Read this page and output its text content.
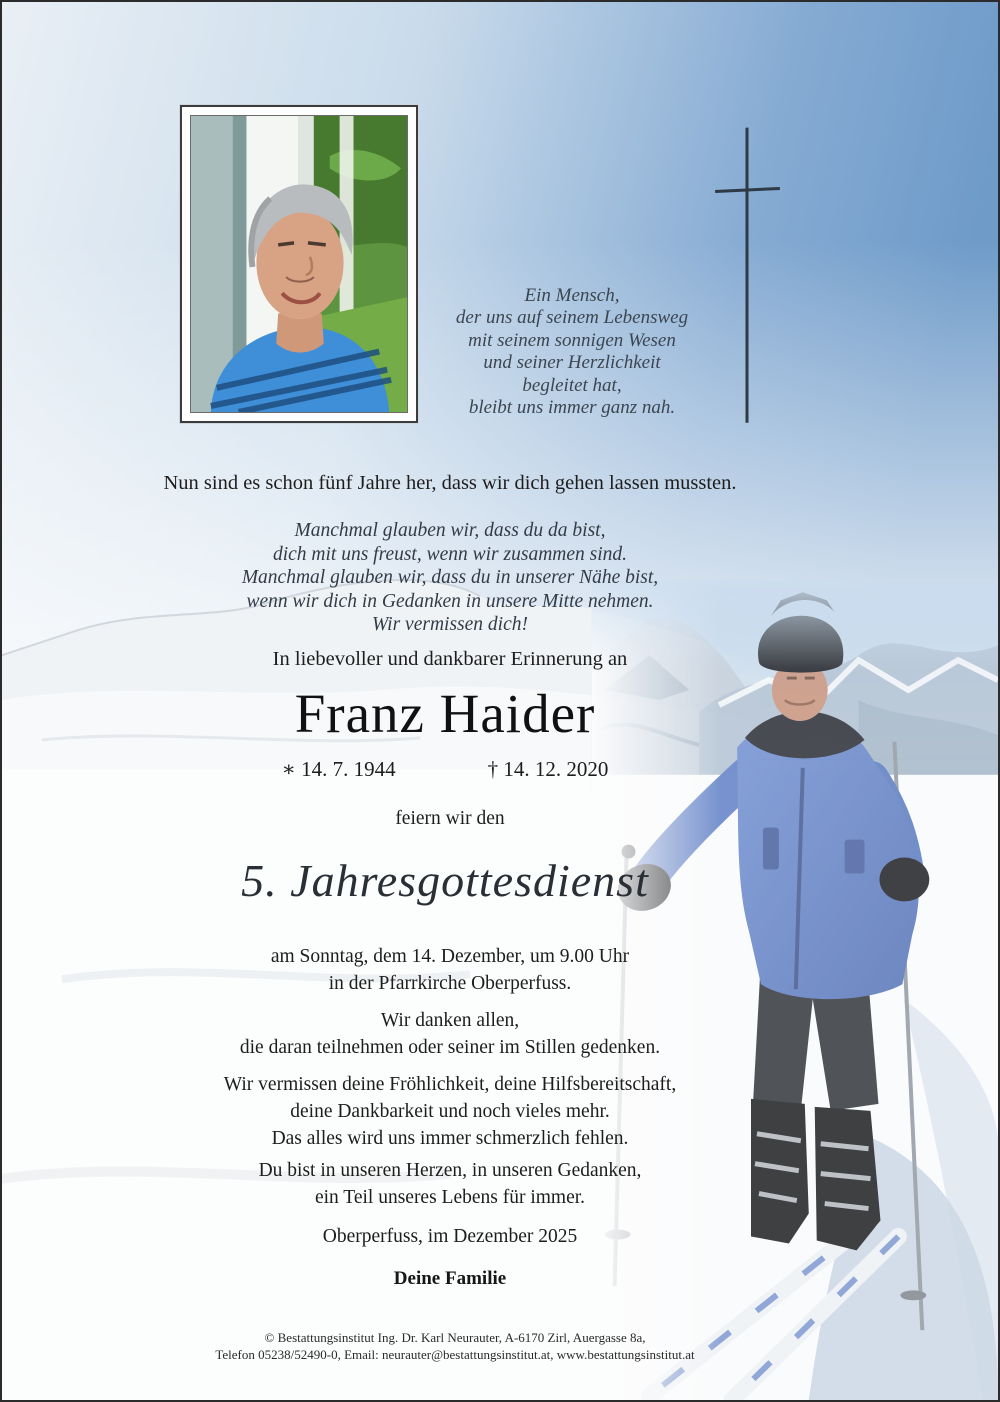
Ein Mensch,
der uns auf seinem Lebensweg
mit seinem sonnigen Wesen
und seiner Herzlichkeit
begleitet hat,
bleibt uns immer ganz nah.
Nun sind es schon fünf Jahre her, dass wir dich gehen lassen mussten.
Manchmal glauben wir, dass du da bist,
dich mit uns freust, wenn wir zusammen sind.
Manchmal glauben wir, dass du in unserer Nähe bist,
wenn wir dich in Gedanken in unsere Mitte nehmen.
Wir vermissen dich!
In liebevoller und dankbarer Erinnerung an
Franz Haider
∗ 14. 7. 1944	† 14. 12. 2020
feiern wir den
5. Jahresgottesdienst
am Sonntag, dem 14. Dezember, um 9.00 Uhr
in der Pfarrkirche Oberperfuss.
Wir danken allen,
die daran teilnehmen oder seiner im Stillen gedenken.
Wir vermissen deine Fröhlichkeit, deine Hilfsbereitschaft,
deine Dankbarkeit und noch vieles mehr.
Das alles wird uns immer schmerzlich fehlen.
Du bist in unseren Herzen, in unseren Gedanken,
ein Teil unseres Lebens für immer.
Oberperfuss, im Dezember 2025
Deine Familie
© Bestattungsinstitut Ing. Dr. Karl Neurauter, A-6170 Zirl, Auergasse 8a,
Telefon 05238/52490-0, Email: neurauter@bestattungsinstitut.at, www.bestattungsinstitut.at
